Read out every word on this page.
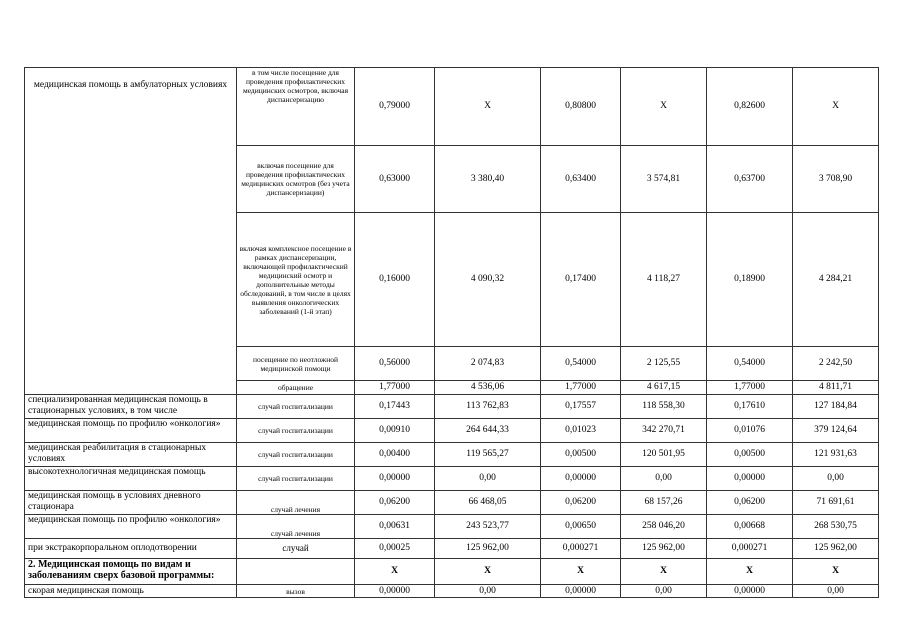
медицинская помощь в амбулаторных условиях	в том числе посещение для проведения профилактических медицинских осмотров, включая диспансеризацию	0,79000	X	0,80800	X	0,82600	X
	включая посещение для проведения профилактических медицинских осмотров (без учета диспансеризации)	0,63000	3 380,40	0,63400	3 574,81	0,63700	3 708,90
	включая комплексное посещение в рамках диспансеризации, включающей профилактический медицинский осмотр и дополнительные методы обследований, в том числе в целях выявления онкологических заболеваний (1-й этап)	0,16000	4 090,32	0,17400	4 118,27	0,18900	4 284,21
	посещение по неотложной медицинской помощи	0,56000	2 074,83	0,54000	2 125,55	0,54000	2 242,50
	обращение	1,77000	4 536,06	1,77000	4 617,15	1,77000	4 811,71
специализированная медицинская помощь в стационарных условиях, в том числе	случай госпитализации	0,17443	113 762,83	0,17557	118 558,30	0,17610	127 184,84
медицинская помощь по профилю «онкология»	случай госпитализации	0,00910	264 644,33	0,01023	342 270,71	0,01076	379 124,64
медицинская реабилитация в стационарных условиях	случай госпитализации	0,00400	119 565,27	0,00500	120 501,95	0,00500	121 931,63
высокотехнологичная медицинская помощь	случай госпитализации	0,00000	0,00	0,00000	0,00	0,00000	0,00
медицинская помощь в условиях дневного стационара	случай лечения	0,06200	66 468,05	0,06200	68 157,26	0,06200	71 691,61
медицинская помощь по профилю «онкология»	случай лечения	0,00631	243 523,77	0,00650	258 046,20	0,00668	268 530,75
при экстракорпоральном оплодотворении	случай	0,00025	125 962,00	0,000271	125 962,00	0,000271	125 962,00
2. Медицинская помощь по видам и заболеваниям сверх базовой программы:		X	X	X	X	X	X
скорая медицинская помощь	вызов	0,00000	0,00	0,00000	0,00	0,00000	0,00
